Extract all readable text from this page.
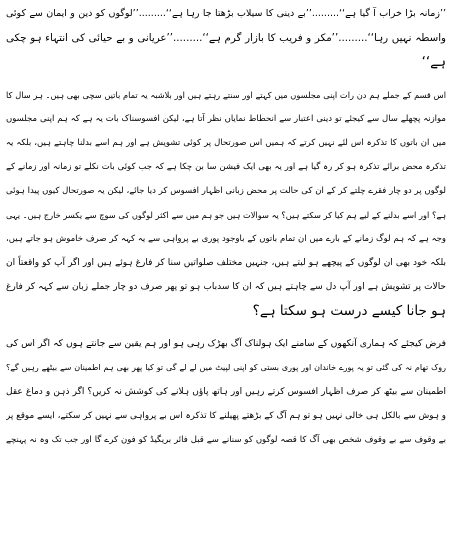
’’زمانہ بڑا خراب آ گیا ہے‘‘.........’’بے دینی کا سیلاب بڑھتا جا رہا ہے‘‘.........’’لوگوں کو دین و ایمان سے کوئی
واسطہ نہیں رہا‘‘.........’’مکر و فریب کا بازار گرم ہے‘‘.........’’عریانی و بے حیائی کی انتہاء ہو چکی
ہے‘‘
اس قسم کے جملے ہم دن رات اپنی مجلسوں میں کہتے اور سنتے رہتے ہیں اور بلاشبہ یہ تمام باتیں سچی بھی ہیں۔ ہر سال کا
موازنہ پچھلے سال سے کیجئے تو دینی اعتبار سے انحطاط نمایاں نظر آتا ہے، لیکن افسوسناک بات یہ ہے کہ ہم اپنی مجلسوں
میں ان باتوں کا تذکرہ اس لئے نہیں کرتے کہ ہمیں اس صورتحال پر کوئی تشویش ہے اور ہم اسے بدلنا چاہتے ہیں، بلکہ یہ
تذکرہ محض برائے تذکرہ ہو کر رہ گیا ہے اور یہ بھی ایک فیشن سا بن چکا ہے کہ جب کوئی بات نکلے تو زمانہ اور زمانے کے
لوگوں پر دو چار فقرے چلتے کر کے ان کی حالت پر محض زبانی اظہار افسوس کر دیا جائے، لیکن یہ صورتحال کیوں پیدا ہوئی
ہے؟ اور اسے بدلنے کے لیے ہم کیا کر سکتے ہیں؟ یہ سوالات ہیں جو ہم میں سے اکثر لوگوں کی سوچ سے یکسر خارج ہیں۔ یہی
وجہ ہے کہ ہم لوگ زمانے کے بارے میں ان تمام باتوں کے باوجود پوری بے پرواہی سے یہ کہہ کر صرف خاموش ہو جاتے ہیں،
بلکہ خود بھی ان لوگوں کے پیچھے ہو لیتے ہیں، جنہیں مختلف صلواتیں سنا کر فارغ ہوئے ہیں اور اگر آپ کو واقعتاً ان
حالات پر تشویش ہے اور آپ دل سے چاہتے ہیں کہ ان کا سدباب ہو تو پھر صرف دو چار جملے زبان سے کہہ کر فارغ
ہو جانا کیسے درست ہو سکتا ہے؟
فرض کیجئے کہ ہماری آنکھوں کے سامنے ایک ہولناک آگ بھڑک رہی ہو اور ہم یقین سے جانتے ہوں کہ اگر اس کی
روک تھام نہ کی گئی تو یہ پورے خاندان اور پوری بستی کو اپنی لپیٹ میں لے لے گی تو کیا پھر بھی ہم اطمینان سے بیٹھے رہیں گے؟
اطمینان سے بیٹھ کر صرف اظہار افسوس کرتے رہیں اور ہاتھ پاؤں ہلانے کی کوشش نہ کریں؟ اگر ذہن و دماغ عقل
و ہوش سے بالکل ہی خالی نہیں ہو تو ہم آگ کے بڑھتے پھیلنے کا تذکرہ اس بے پرواہی سے نہیں کر سکتے، ایسے موقع پر
بے وقوف سے بے وقوف شخص بھی آگ کا قصہ لوگوں کو سنانے سے قبل فائر بریگیڈ کو فون کرے گا اور جب تک وہ نہ پہنچے
